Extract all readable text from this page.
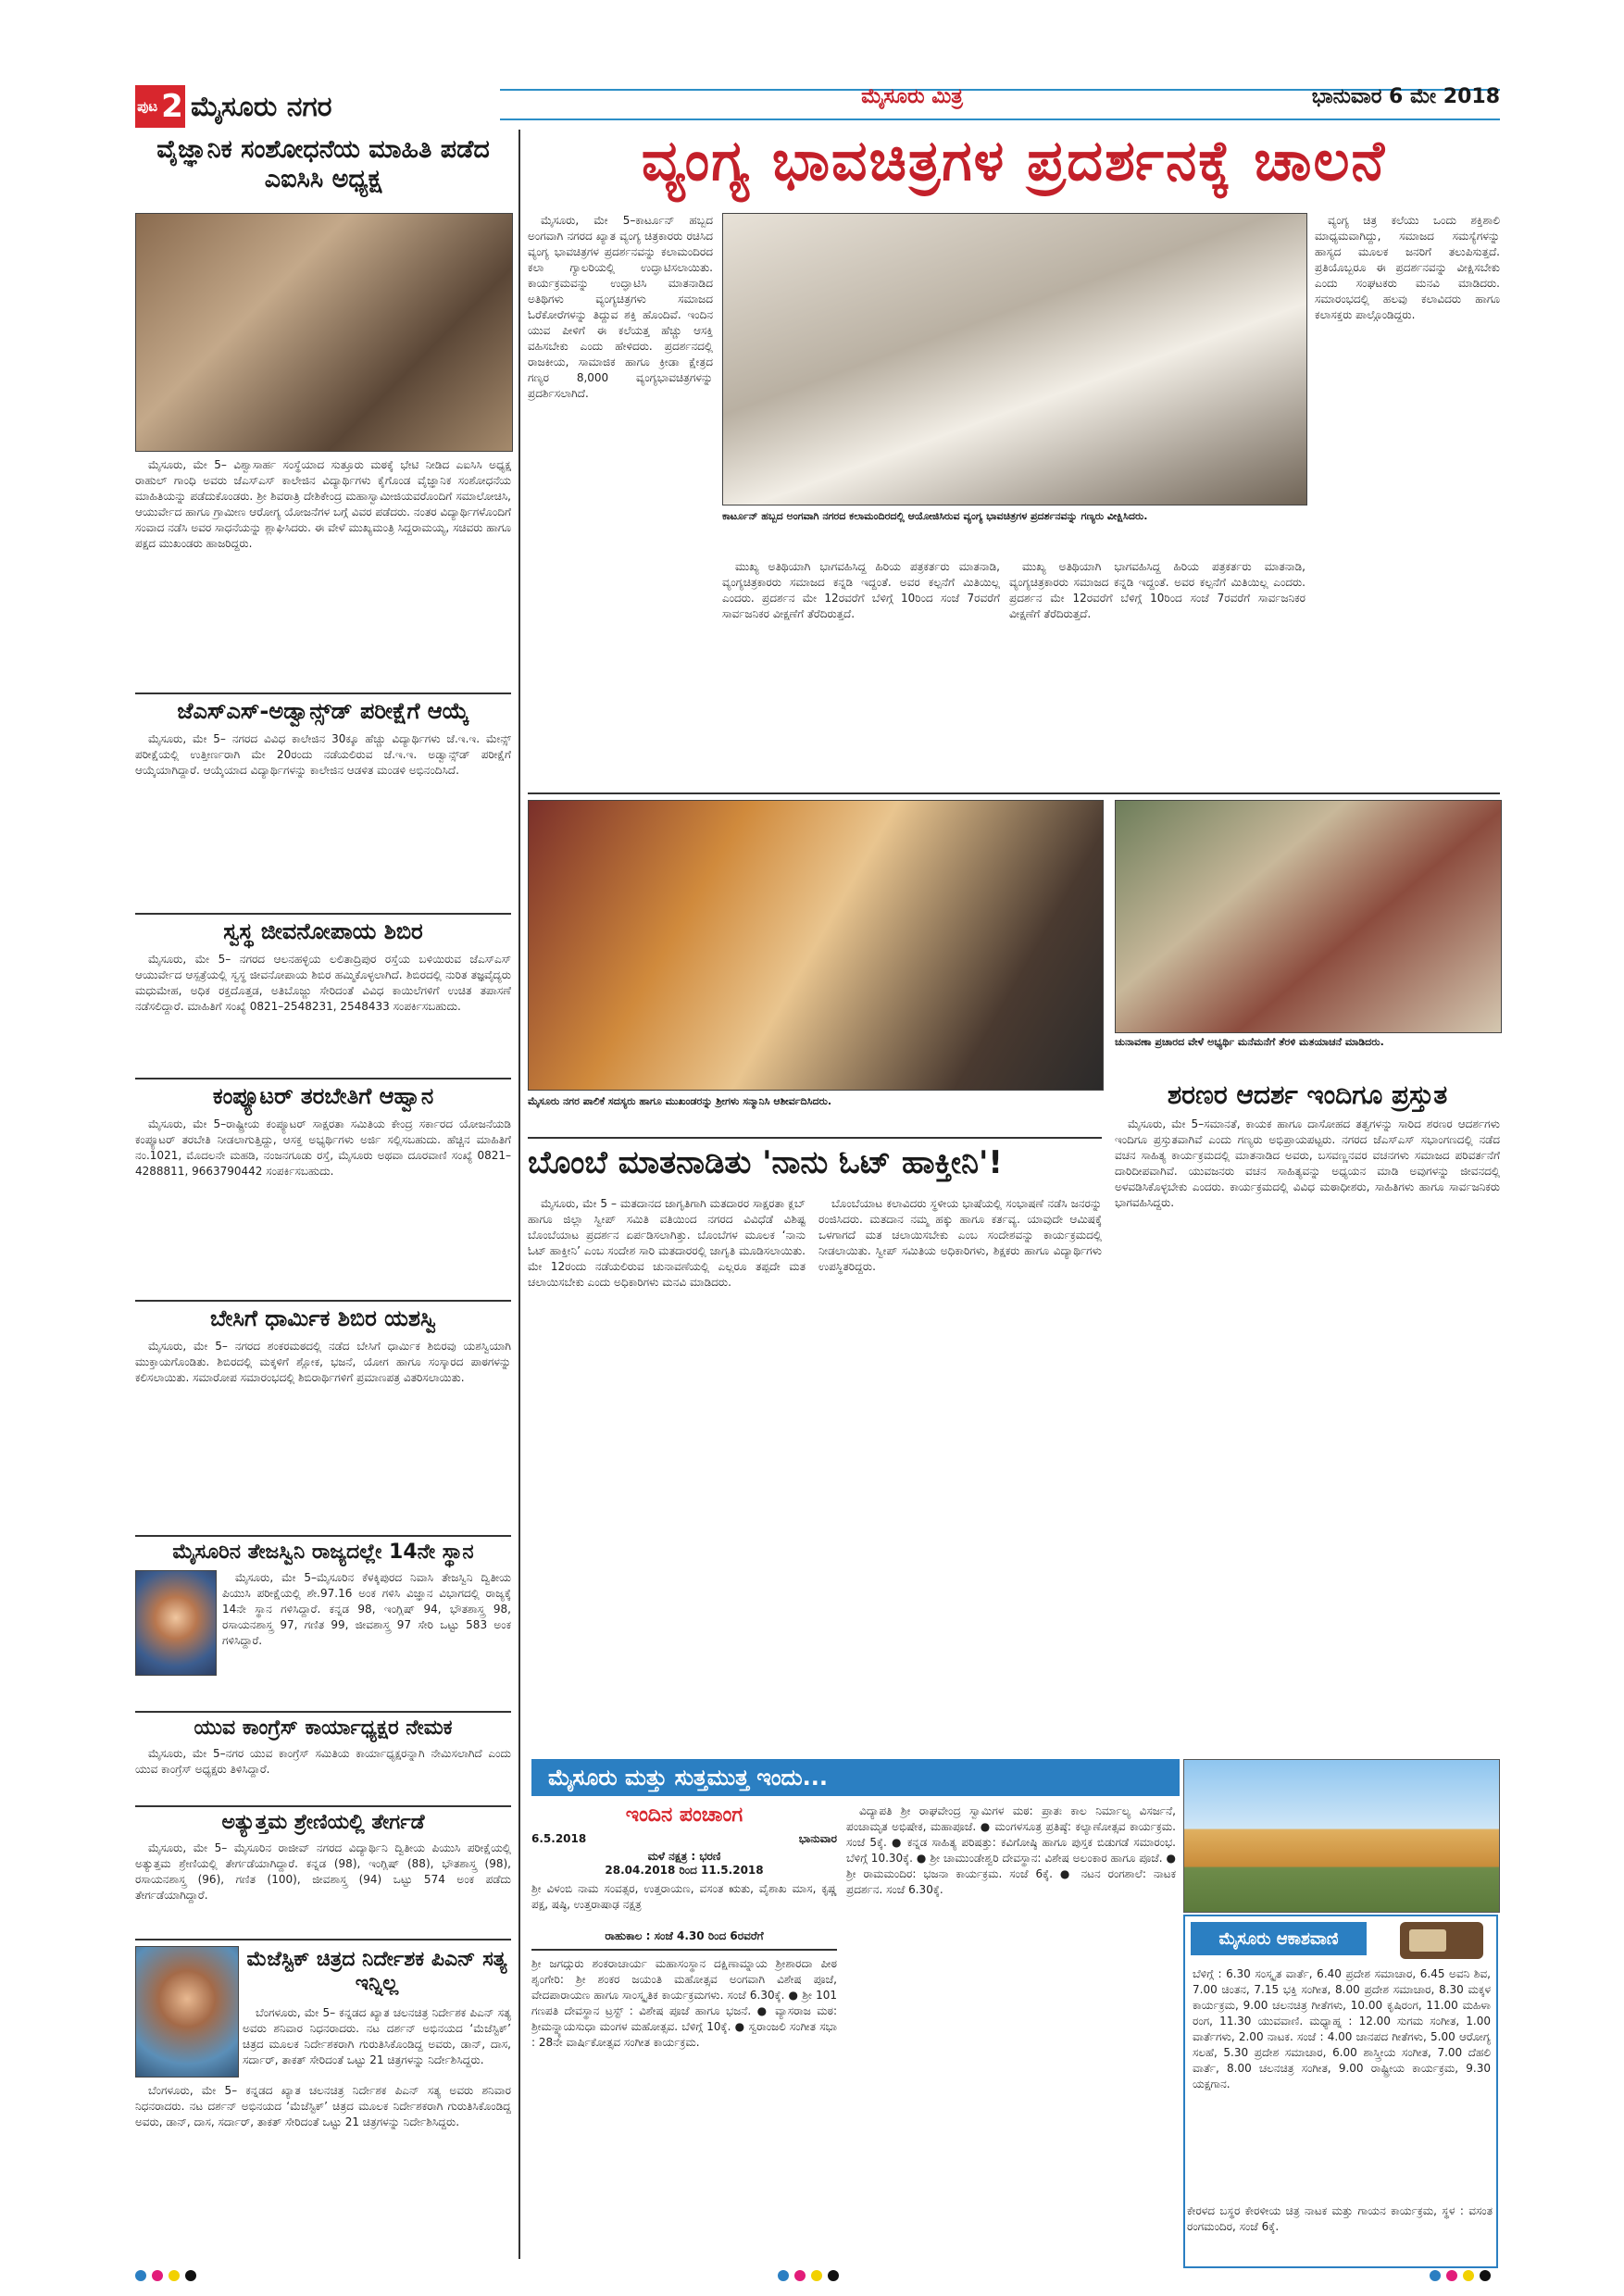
ಪುಟ 2 ಮೈಸೂರು ನಗರ	ಮೈಸೂರು ಮಿತ್ರ	ಭಾನುವಾರ 6 ಮೇ 2018
ವೈಜ್ಞಾನಿಕ ಸಂಶೋಧನೆಯ ಮಾಹಿತಿ ಪಡೆದ ಎಐಸಿಸಿ ಅಧ್ಯಕ್ಷ

ಮೈಸೂರು, ಮೇ 5– ವಿಶ್ವಾಸಾರ್ಹ ಸಂಸ್ಥೆಯಾದ ಸುತ್ತೂರು ಮಠಕ್ಕೆ ಭೇಟಿ ನೀಡಿದ ಎಐಸಿಸಿ ಅಧ್ಯಕ್ಷ ರಾಹುಲ್ ಗಾಂಧಿ ಅವರು ಜೆಎಸ್‌ಎಸ್ ಕಾಲೇಜಿನ ವಿದ್ಯಾರ್ಥಿಗಳು ಕೈಗೊಂಡ ವೈಜ್ಞಾನಿಕ ಸಂಶೋಧನೆಯ ಮಾಹಿತಿಯನ್ನು ಪಡೆದುಕೊಂಡರು. ಶ್ರೀ ಶಿವರಾತ್ರಿ ದೇಶಿಕೇಂದ್ರ ಮಹಾಸ್ವಾಮೀಜಿಯವರೊಂದಿಗೆ ಸಮಾಲೋಚಿಸಿ, ಆಯುರ್ವೇದ ಹಾಗೂ ಗ್ರಾಮೀಣ ಆರೋಗ್ಯ ಯೋಜನೆಗಳ ಬಗ್ಗೆ ವಿವರ ಪಡೆದರು. ನಂತರ ವಿದ್ಯಾರ್ಥಿಗಳೊಂದಿಗೆ ಸಂವಾದ ನಡೆಸಿ ಅವರ ಸಾಧನೆಯನ್ನು ಶ್ಲಾಘಿಸಿದರು. ಈ ವೇಳೆ ಮುಖ್ಯಮಂತ್ರಿ ಸಿದ್ದರಾಮಯ್ಯ, ಸಚಿವರು ಹಾಗೂ ಪಕ್ಷದ ಮುಖಂಡರು ಹಾಜರಿದ್ದರು.

ಜೆಎಸ್‌ಎಸ್-ಅಡ್ವಾನ್ಸ್‌ಡ್ ಪರೀಕ್ಷೆಗೆ ಆಯ್ಕೆ

ಮೈಸೂರು, ಮೇ 5– ನಗರದ ವಿವಿಧ ಕಾಲೇಜಿನ 30ಕ್ಕೂ ಹೆಚ್ಚು ವಿದ್ಯಾರ್ಥಿಗಳು ಜೆ.ಇ.ಇ. ಮೇನ್ಸ್ ಪರೀಕ್ಷೆಯಲ್ಲಿ ಉತ್ತೀರ್ಣರಾಗಿ ಮೇ 20ರಂದು ನಡೆಯಲಿರುವ ಜೆ.ಇ.ಇ. ಅಡ್ವಾನ್ಸ್‌ಡ್ ಪರೀಕ್ಷೆಗೆ ಆಯ್ಕೆಯಾಗಿದ್ದಾರೆ. ಆಯ್ಕೆಯಾದ ವಿದ್ಯಾರ್ಥಿಗಳನ್ನು ಕಾಲೇಜಿನ ಆಡಳಿತ ಮಂಡಳಿ ಅಭಿನಂದಿಸಿದೆ.

ಸ್ವಸ್ಥ ಜೀವನೋಪಾಯ ಶಿಬಿರ

ಮೈಸೂರು, ಮೇ 5– ನಗರದ ಆಲನಹಳ್ಳಿಯ ಲಲಿತಾದ್ರಿಪುರ ರಸ್ತೆಯ ಬಳಿಯಿರುವ ಜೆಎಸ್‌ಎಸ್ ಆಯುರ್ವೇದ ಆಸ್ಪತ್ರೆಯಲ್ಲಿ ಸ್ವಸ್ಥ ಜೀವನೋಪಾಯ ಶಿಬಿರ ಹಮ್ಮಿಕೊಳ್ಳಲಾಗಿದೆ. ಶಿಬಿರದಲ್ಲಿ ನುರಿತ ತಜ್ಞವೈದ್ಯರು ಮಧುಮೇಹ, ಅಧಿಕ ರಕ್ತದೊತ್ತಡ, ಅತಿಬೊಜ್ಜು ಸೇರಿದಂತೆ ವಿವಿಧ ಕಾಯಿಲೆಗಳಿಗೆ ಉಚಿತ ತಪಾಸಣೆ ನಡೆಸಲಿದ್ದಾರೆ. ಮಾಹಿತಿಗೆ ಸಂಖ್ಯೆ 0821–2548231, 2548433 ಸಂಪರ್ಕಿಸಬಹುದು.

ಕಂಪ್ಯೂಟರ್ ತರಬೇತಿಗೆ ಆಹ್ವಾನ

ಮೈಸೂರು, ಮೇ 5–ರಾಷ್ಟ್ರೀಯ ಕಂಪ್ಯೂಟರ್ ಸಾಕ್ಷರತಾ ಸಮಿತಿಯ ಕೇಂದ್ರ ಸರ್ಕಾರದ ಯೋಜನೆಯಡಿ ಕಂಪ್ಯೂಟರ್ ತರಬೇತಿ ನೀಡಲಾಗುತ್ತಿದ್ದು, ಆಸಕ್ತ ಅಭ್ಯರ್ಥಿಗಳು ಅರ್ಜಿ ಸಲ್ಲಿಸಬಹುದು. ಹೆಚ್ಚಿನ ಮಾಹಿತಿಗೆ ನಂ.1021, ಮೊದಲನೇ ಮಹಡಿ, ನಂಜನಗೂಡು ರಸ್ತೆ, ಮೈಸೂರು ಅಥವಾ ದೂರವಾಣಿ ಸಂಖ್ಯೆ 0821–4288811, 9663790442 ಸಂಪರ್ಕಿಸಬಹುದು.

ಬೇಸಿಗೆ ಧಾರ್ಮಿಕ ಶಿಬಿರ ಯಶಸ್ವಿ

ಮೈಸೂರು, ಮೇ 5– ನಗರದ ಶಂಕರಮಠದಲ್ಲಿ ನಡೆದ ಬೇಸಿಗೆ ಧಾರ್ಮಿಕ ಶಿಬಿರವು ಯಶಸ್ವಿಯಾಗಿ ಮುಕ್ತಾಯಗೊಂಡಿತು. ಶಿಬಿರದಲ್ಲಿ ಮಕ್ಕಳಿಗೆ ಶ್ಲೋಕ, ಭಜನೆ, ಯೋಗ ಹಾಗೂ ಸಂಸ್ಕಾರದ ಪಾಠಗಳನ್ನು ಕಲಿಸಲಾಯಿತು. ಸಮಾರೋಪ ಸಮಾರಂಭದಲ್ಲಿ ಶಿಬಿರಾರ್ಥಿಗಳಿಗೆ ಪ್ರಮಾಣಪತ್ರ ವಿತರಿಸಲಾಯಿತು.

ಮೈಸೂರಿನ ತೇಜಸ್ವಿನಿ ರಾಜ್ಯದಲ್ಲೇ 14ನೇ ಸ್ಥಾನ

ಮೈಸೂರು, ಮೇ 5–ಮೈಸೂರಿನ ಕೆಳಕ್ಕಿಪುರದ ನಿವಾಸಿ ತೇಜಸ್ವಿನಿ ದ್ವಿತೀಯ ಪಿಯುಸಿ ಪರೀಕ್ಷೆಯಲ್ಲಿ ಶೇ.97.16 ಅಂಕ ಗಳಿಸಿ ವಿಜ್ಞಾನ ವಿಭಾಗದಲ್ಲಿ ರಾಜ್ಯಕ್ಕೆ 14ನೇ ಸ್ಥಾನ ಗಳಿಸಿದ್ದಾರೆ. ಕನ್ನಡ 98, ಇಂಗ್ಲಿಷ್ 94, ಭೌತಶಾಸ್ತ್ರ 98, ರಸಾಯನಶಾಸ್ತ್ರ 97, ಗಣಿತ 99, ಜೀವಶಾಸ್ತ್ರ 97 ಸೇರಿ ಒಟ್ಟು 583 ಅಂಕ ಗಳಿಸಿದ್ದಾರೆ.

ಯುವ ಕಾಂಗ್ರೆಸ್ ಕಾರ್ಯಾಧ್ಯಕ್ಷರ ನೇಮಕ

ಮೈಸೂರು, ಮೇ 5–ನಗರ ಯುವ ಕಾಂಗ್ರೆಸ್ ಸಮಿತಿಯ ಕಾರ್ಯಾಧ್ಯಕ್ಷರನ್ನಾಗಿ ನೇಮಿಸಲಾಗಿದೆ ಎಂದು ಯುವ ಕಾಂಗ್ರೆಸ್ ಅಧ್ಯಕ್ಷರು ತಿಳಿಸಿದ್ದಾರೆ.

ಅತ್ಯುತ್ತಮ ಶ್ರೇಣಿಯಲ್ಲಿ ತೇರ್ಗಡೆ

ಮೈಸೂರು, ಮೇ 5– ಮೈಸೂರಿನ ರಾಜೀವ್ ನಗರದ ವಿದ್ಯಾರ್ಥಿನಿ ದ್ವಿತೀಯ ಪಿಯುಸಿ ಪರೀಕ್ಷೆಯಲ್ಲಿ ಅತ್ಯುತ್ತಮ ಶ್ರೇಣಿಯಲ್ಲಿ ತೇರ್ಗಡೆಯಾಗಿದ್ದಾರೆ. ಕನ್ನಡ (98), ಇಂಗ್ಲಿಷ್ (88), ಭೌತಶಾಸ್ತ್ರ (98), ರಸಾಯನಶಾಸ್ತ್ರ (96), ಗಣಿತ (100), ಜೀವಶಾಸ್ತ್ರ (94) ಒಟ್ಟು 574 ಅಂಕ ಪಡೆದು ತೇರ್ಗಡೆಯಾಗಿದ್ದಾರೆ.

ಮೆಜೆಸ್ಟಿಕ್ ಚಿತ್ರದ ನಿರ್ದೇಶಕ ಪಿಎನ್ ಸತ್ಯ ಇನ್ನಿಲ್ಲ

ಬೆಂಗಳೂರು, ಮೇ 5– ಕನ್ನಡದ ಖ್ಯಾತ ಚಲನಚಿತ್ರ ನಿರ್ದೇಶಕ ಪಿಎನ್ ಸತ್ಯ ಅವರು ಶನಿವಾರ ನಿಧನರಾದರು. ನಟ ದರ್ಶನ್ ಅಭಿನಯದ ‘ಮೆಜೆಸ್ಟಿಕ್’ ಚಿತ್ರದ ಮೂಲಕ ನಿರ್ದೇಶಕರಾಗಿ ಗುರುತಿಸಿಕೊಂಡಿದ್ದ ಅವರು, ಡಾನ್, ದಾಸ, ಸರ್ದಾರ್, ತಾಕತ್ ಸೇರಿದಂತೆ ಒಟ್ಟು 21 ಚಿತ್ರಗಳನ್ನು ನಿರ್ದೇಶಿಸಿದ್ದರು.

ಬೆಂಗಳೂರು, ಮೇ 5– ಕನ್ನಡದ ಖ್ಯಾತ ಚಲನಚಿತ್ರ ನಿರ್ದೇಶಕ ಪಿಎನ್ ಸತ್ಯ ಅವರು ಶನಿವಾರ ನಿಧನರಾದರು. ನಟ ದರ್ಶನ್ ಅಭಿನಯದ ‘ಮೆಜೆಸ್ಟಿಕ್’ ಚಿತ್ರದ ಮೂಲಕ ನಿರ್ದೇಶಕರಾಗಿ ಗುರುತಿಸಿಕೊಂಡಿದ್ದ ಅವರು, ಡಾನ್, ದಾಸ, ಸರ್ದಾರ್, ತಾಕತ್ ಸೇರಿದಂತೆ ಒಟ್ಟು 21 ಚಿತ್ರಗಳನ್ನು ನಿರ್ದೇಶಿಸಿದ್ದರು.

ವ್ಯಂಗ್ಯ ಭಾವಚಿತ್ರಗಳ ಪ್ರದರ್ಶನಕ್ಕೆ ಚಾಲನೆ

ಮೈಸೂರು, ಮೇ 5–ಕಾರ್ಟೂನ್ ಹಬ್ಬದ ಅಂಗವಾಗಿ ನಗರದ ಖ್ಯಾತ ವ್ಯಂಗ್ಯ ಚಿತ್ರಕಾರರು ರಚಿಸಿದ ವ್ಯಂಗ್ಯ ಭಾವಚಿತ್ರಗಳ ಪ್ರದರ್ಶನವನ್ನು ಕಲಾಮಂದಿರದ ಕಲಾ ಗ್ಯಾಲರಿಯಲ್ಲಿ ಉದ್ಘಾಟಿಸಲಾಯಿತು. ಕಾರ್ಯಕ್ರಮವನ್ನು ಉದ್ಘಾಟಿಸಿ ಮಾತನಾಡಿದ ಅತಿಥಿಗಳು ವ್ಯಂಗ್ಯಚಿತ್ರಗಳು ಸಮಾಜದ ಓರೆಕೋರೆಗಳನ್ನು ತಿದ್ದುವ ಶಕ್ತಿ ಹೊಂದಿವೆ. ಇಂದಿನ ಯುವ ಪೀಳಿಗೆ ಈ ಕಲೆಯತ್ತ ಹೆಚ್ಚು ಆಸಕ್ತಿ ವಹಿಸಬೇಕು ಎಂದು ಹೇಳಿದರು. ಪ್ರದರ್ಶನದಲ್ಲಿ ರಾಜಕೀಯ, ಸಾಮಾಜಿಕ ಹಾಗೂ ಕ್ರೀಡಾ ಕ್ಷೇತ್ರದ ಗಣ್ಯರ 8,000 ವ್ಯಂಗ್ಯಭಾವಚಿತ್ರಗಳನ್ನು ಪ್ರದರ್ಶಿಸಲಾಗಿದೆ.

ಕಾರ್ಟೂನ್ ಹಬ್ಬದ ಅಂಗವಾಗಿ ನಗರದ ಕಲಾಮಂದಿರದಲ್ಲಿ ಆಯೋಜಿಸಿರುವ ವ್ಯಂಗ್ಯ ಭಾವಚಿತ್ರಗಳ ಪ್ರದರ್ಶನವನ್ನು ಗಣ್ಯರು ವೀಕ್ಷಿಸಿದರು.

ಮುಖ್ಯ ಅತಿಥಿಯಾಗಿ ಭಾಗವಹಿಸಿದ್ದ ಹಿರಿಯ ಪತ್ರಕರ್ತರು ಮಾತನಾಡಿ, ವ್ಯಂಗ್ಯಚಿತ್ರಕಾರರು ಸಮಾಜದ ಕನ್ನಡಿ ಇದ್ದಂತೆ. ಅವರ ಕಲ್ಪನೆಗೆ ಮಿತಿಯಿಲ್ಲ ಎಂದರು. ಪ್ರದರ್ಶನ ಮೇ 12ರವರೆಗೆ ಬೆಳಿಗ್ಗೆ 10ರಿಂದ ಸಂಜೆ 7ರವರೆಗೆ ಸಾರ್ವಜನಿಕರ ವೀಕ್ಷಣೆಗೆ ತೆರೆದಿರುತ್ತದೆ.

ಮುಖ್ಯ ಅತಿಥಿಯಾಗಿ ಭಾಗವಹಿಸಿದ್ದ ಹಿರಿಯ ಪತ್ರಕರ್ತರು ಮಾತನಾಡಿ, ವ್ಯಂಗ್ಯಚಿತ್ರಕಾರರು ಸಮಾಜದ ಕನ್ನಡಿ ಇದ್ದಂತೆ. ಅವರ ಕಲ್ಪನೆಗೆ ಮಿತಿಯಿಲ್ಲ ಎಂದರು. ಪ್ರದರ್ಶನ ಮೇ 12ರವರೆಗೆ ಬೆಳಿಗ್ಗೆ 10ರಿಂದ ಸಂಜೆ 7ರವರೆಗೆ ಸಾರ್ವಜನಿಕರ ವೀಕ್ಷಣೆಗೆ ತೆರೆದಿರುತ್ತದೆ.

ವ್ಯಂಗ್ಯ ಚಿತ್ರ ಕಲೆಯು ಒಂದು ಶಕ್ತಿಶಾಲಿ ಮಾಧ್ಯಮವಾಗಿದ್ದು, ಸಮಾಜದ ಸಮಸ್ಯೆಗಳನ್ನು ಹಾಸ್ಯದ ಮೂಲಕ ಜನರಿಗೆ ತಲುಪಿಸುತ್ತದೆ. ಪ್ರತಿಯೊಬ್ಬರೂ ಈ ಪ್ರದರ್ಶನವನ್ನು ವೀಕ್ಷಿಸಬೇಕು ಎಂದು ಸಂಘಟಕರು ಮನವಿ ಮಾಡಿದರು. ಸಮಾರಂಭದಲ್ಲಿ ಹಲವು ಕಲಾವಿದರು ಹಾಗೂ ಕಲಾಸಕ್ತರು ಪಾಲ್ಗೊಂಡಿದ್ದರು.

ಮೈಸೂರು ನಗರ ಪಾಲಿಕೆ ಸದಸ್ಯರು ಹಾಗೂ ಮುಖಂಡರನ್ನು ಶ್ರೀಗಳು ಸನ್ಮಾನಿಸಿ ಆಶೀರ್ವದಿಸಿದರು.
ಚುನಾವಣಾ ಪ್ರಚಾರದ ವೇಳೆ ಅಭ್ಯರ್ಥಿ ಮನೆಮನೆಗೆ ತೆರಳಿ ಮತಯಾಚನೆ ಮಾಡಿದರು.
ಶರಣರ ಆದರ್ಶ ಇಂದಿಗೂ ಪ್ರಸ್ತುತ

ಮೈಸೂರು, ಮೇ 5–ಸಮಾನತೆ, ಕಾಯಕ ಹಾಗೂ ದಾಸೋಹದ ತತ್ವಗಳನ್ನು ಸಾರಿದ ಶರಣರ ಆದರ್ಶಗಳು ಇಂದಿಗೂ ಪ್ರಸ್ತುತವಾಗಿವೆ ಎಂದು ಗಣ್ಯರು ಅಭಿಪ್ರಾಯಪಟ್ಟರು. ನಗರದ ಜೆಎಸ್‌ಎಸ್ ಸಭಾಂಗಣದಲ್ಲಿ ನಡೆದ ವಚನ ಸಾಹಿತ್ಯ ಕಾರ್ಯಕ್ರಮದಲ್ಲಿ ಮಾತನಾಡಿದ ಅವರು, ಬಸವಣ್ಣನವರ ವಚನಗಳು ಸಮಾಜದ ಪರಿವರ್ತನೆಗೆ ದಾರಿದೀಪವಾಗಿವೆ. ಯುವಜನರು ವಚನ ಸಾಹಿತ್ಯವನ್ನು ಅಧ್ಯಯನ ಮಾಡಿ ಅವುಗಳನ್ನು ಜೀವನದಲ್ಲಿ ಅಳವಡಿಸಿಕೊಳ್ಳಬೇಕು ಎಂದರು. ಕಾರ್ಯಕ್ರಮದಲ್ಲಿ ವಿವಿಧ ಮಠಾಧೀಶರು, ಸಾಹಿತಿಗಳು ಹಾಗೂ ಸಾರ್ವಜನಿಕರು ಭಾಗವಹಿಸಿದ್ದರು.

ಬೊಂಬೆ ಮಾತನಾಡಿತು 'ನಾನು ಓಟ್ ಹಾಕ್ತೀನಿ'!

ಮೈಸೂರು, ಮೇ 5 – ಮತದಾನದ ಜಾಗೃತಿಗಾಗಿ ಮತದಾರರ ಸಾಕ್ಷರತಾ ಕ್ಲಬ್ ಹಾಗೂ ಜಿಲ್ಲಾ ಸ್ವೀಪ್ ಸಮಿತಿ ವತಿಯಿಂದ ನಗರದ ವಿವಿಧೆಡೆ ವಿಶಿಷ್ಟ ಬೊಂಬೆಯಾಟ ಪ್ರದರ್ಶನ ಏರ್ಪಡಿಸಲಾಗಿತ್ತು. ಬೊಂಬೆಗಳ ಮೂಲಕ ‘ನಾನು ಓಟ್ ಹಾಕ್ತೀನಿ’ ಎಂಬ ಸಂದೇಶ ಸಾರಿ ಮತದಾರರಲ್ಲಿ ಜಾಗೃತಿ ಮೂಡಿಸಲಾಯಿತು. ಮೇ 12ರಂದು ನಡೆಯಲಿರುವ ಚುನಾವಣೆಯಲ್ಲಿ ಎಲ್ಲರೂ ತಪ್ಪದೇ ಮತ ಚಲಾಯಿಸಬೇಕು ಎಂದು ಅಧಿಕಾರಿಗಳು ಮನವಿ ಮಾಡಿದರು.

ಬೊಂಬೆಯಾಟ ಕಲಾವಿದರು ಸ್ಥಳೀಯ ಭಾಷೆಯಲ್ಲಿ ಸಂಭಾಷಣೆ ನಡೆಸಿ ಜನರನ್ನು ರಂಜಿಸಿದರು. ಮತದಾನ ನಮ್ಮ ಹಕ್ಕು ಹಾಗೂ ಕರ್ತವ್ಯ. ಯಾವುದೇ ಆಮಿಷಕ್ಕೆ ಒಳಗಾಗದೆ ಮತ ಚಲಾಯಿಸಬೇಕು ಎಂಬ ಸಂದೇಶವನ್ನು ಕಾರ್ಯಕ್ರಮದಲ್ಲಿ ನೀಡಲಾಯಿತು. ಸ್ವೀಪ್ ಸಮಿತಿಯ ಅಧಿಕಾರಿಗಳು, ಶಿಕ್ಷಕರು ಹಾಗೂ ವಿದ್ಯಾರ್ಥಿಗಳು ಉಪಸ್ಥಿತರಿದ್ದರು.

ಮೈಸೂರು ಮತ್ತು ಸುತ್ತಮುತ್ತ ಇಂದು...
ಇಂದಿನ ಪಂಚಾಂಗ
6.5.2018	ಭಾನುವಾರ
ಮಳೆ ನಕ್ಷತ್ರ : ಭರಣಿ
28.04.2018 ರಿಂದ 11.5.2018
ಶ್ರೀ ವಿಳಂಬಿ ನಾಮ ಸಂವತ್ಸರ, ಉತ್ತರಾಯಣ, ವಸಂತ ಋತು, ವೈಶಾಖ ಮಾಸ, ಕೃಷ್ಣ ಪಕ್ಷ, ಷಷ್ಠಿ, ಉತ್ತರಾಷಾಢ ನಕ್ಷತ್ರ
ರಾಹುಕಾಲ : ಸಂಜೆ 4.30 ರಿಂದ 6ರವರೆಗೆ
ಶ್ರೀ ಜಗದ್ಗುರು ಶಂಕರಾಚಾರ್ಯ ಮಹಾಸಂಸ್ಥಾನ ದಕ್ಷಿಣಾಮ್ನಾಯ ಶ್ರೀಶಾರದಾ ಪೀಠ ಶೃಂಗೇರಿ: ಶ್ರೀ ಶಂಕರ ಜಯಂತಿ ಮಹೋತ್ಸವ ಅಂಗವಾಗಿ ವಿಶೇಷ ಪೂಜೆ, ವೇದಪಾರಾಯಣ ಹಾಗೂ ಸಾಂಸ್ಕೃತಿಕ ಕಾರ್ಯಕ್ರಮಗಳು. ಸಂಜೆ 6.30ಕ್ಕೆ. ● ಶ್ರೀ 101 ಗಣಪತಿ ದೇವಸ್ಥಾನ ಟ್ರಸ್ಟ್ : ವಿಶೇಷ ಪೂಜೆ ಹಾಗೂ ಭಜನೆ. ● ವ್ಯಾಸರಾಜ ಮಠ: ಶ್ರೀಮನ್ನ್ಯಾಯಸುಧಾ ಮಂಗಳ ಮಹೋತ್ಸವ. ಬೆಳಿಗ್ಗೆ 10ಕ್ಕೆ. ● ಸ್ವರಾಂಜಲಿ ಸಂಗೀತ ಸಭಾ : 28ನೇ ವಾರ್ಷಿಕೋತ್ಸವ ಸಂಗೀತ ಕಾರ್ಯಕ್ರಮ.

ವಿದ್ಯಾಪತಿ ಶ್ರೀ ರಾಘವೇಂದ್ರ ಸ್ವಾಮಿಗಳ ಮಠ: ಪ್ರಾತಃ ಕಾಲ ನಿರ್ಮಾಲ್ಯ ವಿಸರ್ಜನೆ, ಪಂಚಾಮೃತ ಅಭಿಷೇಕ, ಮಹಾಪೂಜೆ. ● ಮಂಗಳಸೂತ್ರ ಪ್ರತಿಷ್ಠೆ: ಕಲ್ಯಾಣೋತ್ಸವ ಕಾರ್ಯಕ್ರಮ. ಸಂಜೆ 5ಕ್ಕೆ. ● ಕನ್ನಡ ಸಾಹಿತ್ಯ ಪರಿಷತ್ತು: ಕವಿಗೋಷ್ಠಿ ಹಾಗೂ ಪುಸ್ತಕ ಬಿಡುಗಡೆ ಸಮಾರಂಭ. ಬೆಳಿಗ್ಗೆ 10.30ಕ್ಕೆ. ● ಶ್ರೀ ಚಾಮುಂಡೇಶ್ವರಿ ದೇವಸ್ಥಾನ: ವಿಶೇಷ ಅಲಂಕಾರ ಹಾಗೂ ಪೂಜೆ. ● ಶ್ರೀ ರಾಮಮಂದಿರ: ಭಜನಾ ಕಾರ್ಯಕ್ರಮ. ಸಂಜೆ 6ಕ್ಕೆ. ● ನಟನ ರಂಗಶಾಲೆ: ನಾಟಕ ಪ್ರದರ್ಶನ. ಸಂಜೆ 6.30ಕ್ಕೆ.

ಮೈಸೂರು ಆಕಾಶವಾಣಿ
ಬೆಳಿಗ್ಗೆ : 6.30 ಸಂಸ್ಕೃತ ವಾರ್ತೆ, 6.40 ಪ್ರದೇಶ ಸಮಾಚಾರ, 6.45 ಅವನಿ ಶಿವ, 7.00 ಚಿಂತನ, 7.15 ಭಕ್ತಿ ಸಂಗೀತ, 8.00 ಪ್ರದೇಶ ಸಮಾಚಾರ, 8.30 ಮಕ್ಕಳ ಕಾರ್ಯಕ್ರಮ, 9.00 ಚಲನಚಿತ್ರ ಗೀತೆಗಳು, 10.00 ಕೃಷಿರಂಗ, 11.00 ಮಹಿಳಾ ರಂಗ, 11.30 ಯುವವಾಣಿ. ಮಧ್ಯಾಹ್ನ : 12.00 ಸುಗಮ ಸಂಗೀತ, 1.00 ವಾರ್ತೆಗಳು, 2.00 ನಾಟಕ. ಸಂಜೆ : 4.00 ಜಾನಪದ ಗೀತೆಗಳು, 5.00 ಆರೋಗ್ಯ ಸಲಹೆ, 5.30 ಪ್ರದೇಶ ಸಮಾಚಾರ, 6.00 ಶಾಸ್ತ್ರೀಯ ಸಂಗೀತ, 7.00 ದೆಹಲಿ ವಾರ್ತೆ, 8.00 ಚಲನಚಿತ್ರ ಸಂಗೀತ, 9.00 ರಾಷ್ಟ್ರೀಯ ಕಾರ್ಯಕ್ರಮ, 9.30 ಯಕ್ಷಗಾನ.
ಕೇರಳದ ಬಸ್ಥರ ಕೇರಳೀಯ ಚಿತ್ರ ನಾಟಕ ಮತ್ತು ಗಾಯನ ಕಾರ್ಯಕ್ರಮ, ಸ್ಥಳ : ವಸಂತ ರಂಗಮಂದಿರ, ಸಂಜೆ 6ಕ್ಕೆ.
